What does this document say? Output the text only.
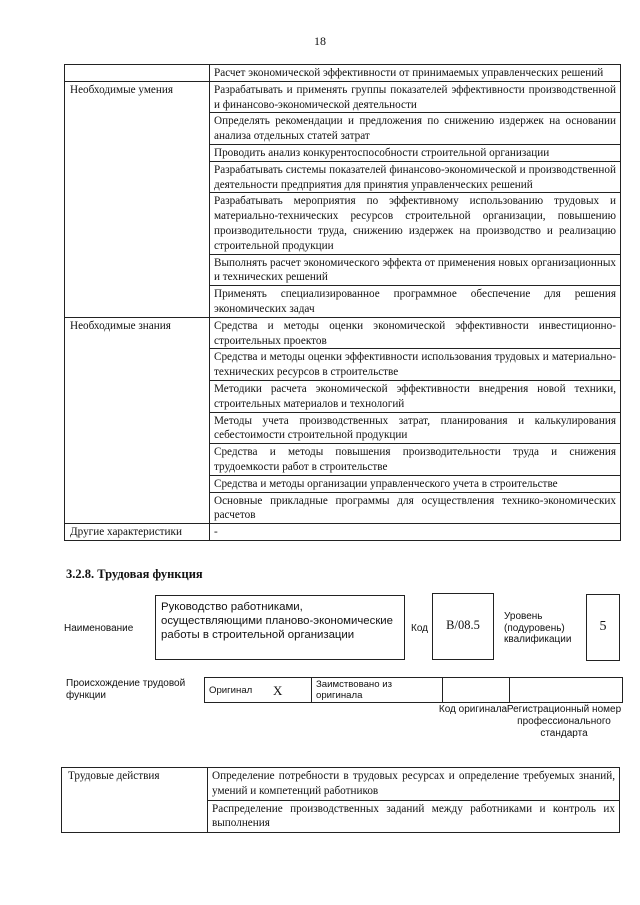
18
	Расчет экономической эффективности от принимаемых управленческих решений
Необходимые умения	Разрабатывать и применять группы показателей эффективности производственной и финансово-экономической деятельности
	Определять рекомендации и предложения по снижению издержек на основании анализа отдельных статей затрат
	Проводить анализ конкурентоспособности строительной организации
	Разрабатывать системы показателей финансово-экономической и производственной деятельности предприятия для принятия управленческих решений
	Разрабатывать мероприятия по эффективному использованию трудовых и материально-технических ресурсов строительной организации, повышению производительности труда, снижению издержек на производство и реализацию строительной продукции
	Выполнять расчет экономического эффекта от применения новых организационных и технических решений
	Применять специализированное программное обеспечение для решения экономических задач
Необходимые знания	Средства и методы оценки экономической эффективности инвестиционно-строительных проектов
	Средства и методы оценки эффективности использования трудовых и материально-технических ресурсов в строительстве
	Методики расчета экономической эффективности внедрения новой техники, строительных материалов и технологий
	Методы учета производственных затрат, планирования и калькулирования себестоимости строительной продукции
	Средства и методы повышения производительности труда и снижения трудоемкости работ в строительстве
	Средства и методы организации управленческого учета в строительстве
	Основные прикладные программы для осуществления технико-экономических расчетов
Другие характеристики	-
3.2.8. Трудовая функция
Наименование
Руководство работниками, осуществляющими планово-экономические работы в строительной организации
Код	B/08.5
Уровень (подуровень) квалификации
5
Происхождение трудовой функции	Оригинал	X	Заимствовано из оригинала		
Код оригинала Регистрационный номер профессионального стандарта
Трудовые действия	Определение потребности в трудовых ресурсах и определение требуемых знаний, умений и компетенций работников
Распределение производственных заданий между работниками и контроль их выполнения
